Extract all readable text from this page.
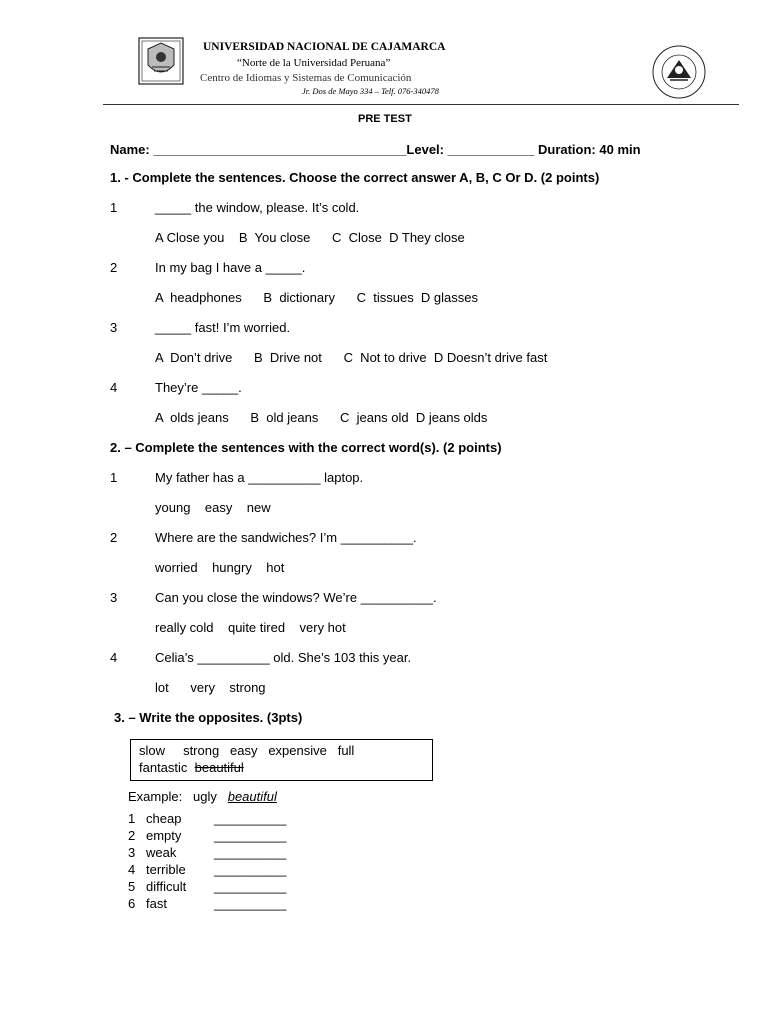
UNIVERSIDAD NACIONAL DE CAJAMARCA
“Norte de la Universidad Peruana”
Centro de Idiomas y Sistemas de Comunicación
Jr. Dos de Mayo 334 – Telf. 076-340478
PRE TEST
Name: ___________________________________Level: ____________ Duration: 40 min
1. - Complete the sentences. Choose the correct answer A, B, C Or D. (2 points)
1	_____ the window, please. It’s cold.
A Close you    B  You close      C  Close  D They close
2	In my bag I have a _____.
A  headphones      B  dictionary      C  tissues  D glasses
3	_____ fast! I’m worried.
A  Don’t drive      B  Drive not      C  Not to drive  D Doesn’t drive fast
4	They’re _____.
A  olds jeans      B  old jeans      C  jeans old  D jeans olds
2. – Complete the sentences with the correct word(s). (2 points)
1	My father has a __________ laptop.
young    easy    new
2	Where are the sandwiches? I’m __________.
worried    hungry    hot
3	Can you close the windows? We’re __________.
really cold    quite tired    very hot
4	Celia’s __________ old. She’s 103 this year.
lot      very    strong
3. – Write the opposites. (3pts)
slow     strong   easy   expensive   full
fantastic  beautiful
Example:   ugly   beautiful
1 cheap	__________
2 empty	__________
3 weak	__________
4 terrible __________
5 difficult __________
6 fast	__________
